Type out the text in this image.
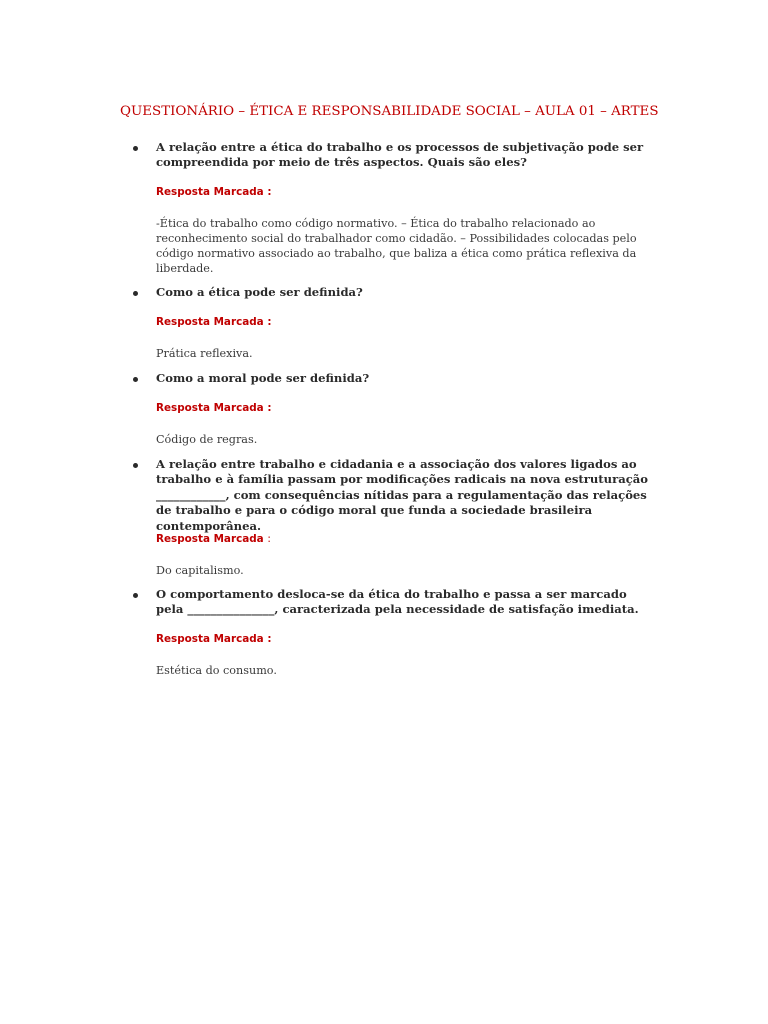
QUESTIONÁRIO – ÉTICA E RESPONSABILIDADE SOCIAL – AULA 01 – ARTES

A relação entre a ética do trabalho e os processos de subjetivação pode ser compreendida por meio de três aspectos. Quais são eles?

Resposta Marcada :

-Ética do trabalho como código normativo. – Ética do trabalho relacionado ao reconhecimento social do trabalhador como cidadão. – Possibilidades colocadas pelo código normativo associado ao trabalho, que baliza a ética como prática reflexiva da liberdade.

Como a ética pode ser definida?

Resposta Marcada :

Prática reflexiva.

Como a moral pode ser definida?

Resposta Marcada :

Código de regras.

A relação entre trabalho e cidadania e a associação dos valores ligados ao trabalho e à família passam por modificações radicais na nova estruturação ____________, com consequências nítidas para a regulamentação das relações de trabalho e para o código moral que funda a sociedade brasileira contemporânea.

Resposta Marcada :

Do capitalismo.

O comportamento desloca-se da ética do trabalho e passa a ser marcado pela _______________, caracterizada pela necessidade de satisfação imediata.

Resposta Marcada :

Estética do consumo.
